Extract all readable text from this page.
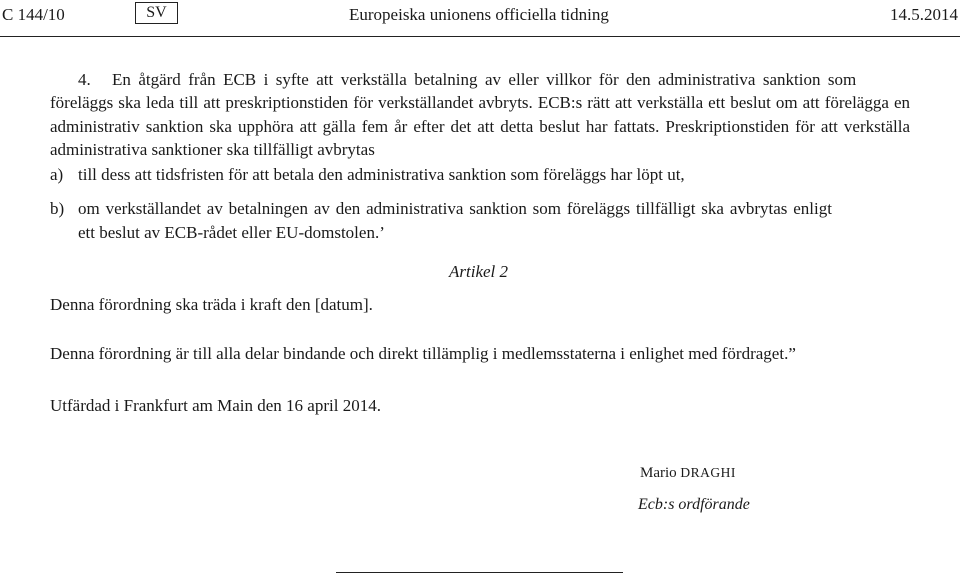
C 144/10	SV	Europeiska unionens officiella tidning	14.5.2014

4. En åtgärd från ECB i syfte att verkställa betalning av eller villkor för den administrativa sanktion som

föreläggs ska leda till att preskriptionstiden för verkställandet avbryts. ECB:s rätt att verkställa ett beslut om att förelägga en administrativ sanktion ska upphöra att gälla fem år efter det att detta beslut har fattats. Preskriptionstiden för att verkställa administrativa sanktioner ska tillfälligt avbrytas

a) till dess att tidsfristen för att betala den administrativa sanktion som föreläggs har löpt ut,

b) om verkställandet av betalningen av den administrativa sanktion som föreläggs tillfälligt ska avbrytas enligt
ett beslut av ECB-rådet eller EU-domstolen.’

Artikel 2
Denna förordning ska träda i kraft den [datum].
Denna förordning är till alla delar bindande och direkt tillämplig i medlemsstaterna i enlighet med fördraget.”
Utfärdad i Frankfurt am Main den 16 april 2014.
Mario DRAGHI
Ecb:s ordförande
